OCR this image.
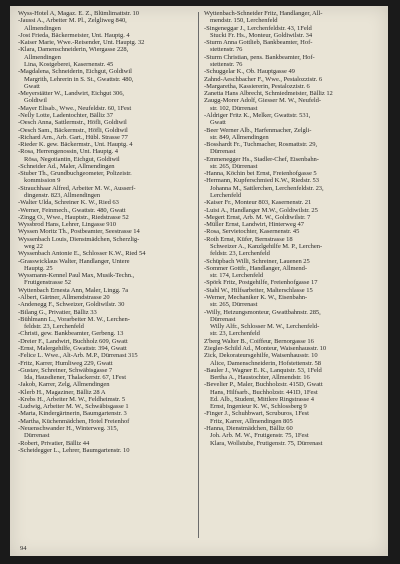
Wyss-Hotel A, Magaz. E. Z., Blümlimattstr. 10
-Jaussi A., Arbeiter M. Pl., Zelgliweg 840,
Allmendingen
-Jost Frieda, Bäckermeister, Unt. Hauptg. 4
-Kaiser Marie, Wwe.-Reisender, Unt. Hauptg. 32
-Klara, Damenschneiderin, Wiergasse 228,
Allmendingen
Lina, Kostgeberei, Kasernenstr. 45
-Magdalena, Schneiderin, Eichgut, Goldiwil
Margrith, Lehrerin in S. St., Gwattstr. 480,
Gwatt
-Meyerstätter W., Landwirt, Eichgut 306,
Goldiwil
-Mayer Elisab., Wwe., Neufeldstr. 60, 1Fest
-Nelly Lotte, Ladentochter, Bälliz 37
-Oesch Anna, Sattlermstr., Höfli, Goldiwil
-Oesch Sam., Bäckermstr., Höfli, Goldiwil
-Richard Arn., Arb. Gart., Hübl. Strasse 77
-Rieder K. gew. Bäckermstr., Unt. Hauptg. 4
-Rosa, Herrengenossin, Unt. Hauptg. 4
Rösa, Negotiantin, Eichgut, Goldiwil
-Schneider Ad., Maler, Allmendingen
-Stuber Th., Grundbuchgeometer, Polizeistr.
kommission 9
-Strauchhaar Alfred, Arbeiter M. W., Ausserf-
dingenstr. 823, Allmendingen
-Walter Ulda, Schreiner K. W., Ried 63
-Werner, Feinmech., Gwattstr. 480, Gwatt
-Zingg O., Wwe., Hauptstr., Riedstrasse 52
Wyssbrod Hans, Lehrer, Lingasse 910
Wyssen Moritz Th., Postbeamter, Seestrasse 14
Wyssenbach Louis, Dienstmädchen, Scherzlig-
weg 22
Wyssenbach Antonie E., Schlosser K.W., Ried 54
-Grasswicklaus Walter, Handlanger, Untere
Hauptg. 25
Wyssmann-Kennel Paul Max, Musik-Techn.,
Frutigenstrasse 52
Wyttenbach Ernesta Ann, Maler, Lingg. 7a
-Albert, Gärtner, Allmendstrasse 20
-Andenegg F., Schweizer, Goldiwilstr. 30
-Bilang G., Privatier, Bälliz 33
-Bühlmann L., Vorarbeiter M. W., Lerchen-
feldstr. 23, Lerchenfeld
-Christi, gew. Bankbeamter, Gerbeng. 13
-Dreier F., Landwirt, Buchholz 609, Gwatt
-Ernst, Malergehilfe, Gwattstr. 394, Gwatt
-Felice L. Wwe., Alt-Arb. M.P., Dürrenast 315
-Fritz, Karrer, Humliweg 229, Gwatt
-Gustav, Schreiner, Schwäbisgasse 7
Ida, Hausdiener, Thalackerstr. 67, 1Fest
-Jakob, Karrer, Zelg, Allmendingen
-Klerb H., Magaziner, Bälliz 28 A
-Krebs H., Arbeiter M. W., Feldheimstr. 5
-Ludwig, Arbeiter M. W., Schwäbisgasse 1
-Marta, Kindergärtnerin, Baumgartenstr. 3
-Martha, Küchenmädchen, Hotel Freienhof
-Neuenschwander H., Winterweg. 315,
Dürrenast
-Robert, Privatier, Bälliz 44
-Scheidegger L., Lehrer, Baumgartenstr. 10
Wyttenbach-Schneider Fritz, Handlanger, All-
mendstr. 150, Lerchenfeld
-Singeneggar J., Lerchenfeldstr. 43, 1Feld
Stucki Fr. Hs., Monteur, Goldiwilstr. 34
-Sturm Anna Gottlieb, Bankbeamter, Hof-
stettenstr. 76
-Sturm Christian, pens. Bankbeamter, Hof-
stettenstr. 76
-Schuggelar K., Ob. Hauptgasse 49
Zahnd-Aeschbacher F., Wwe., Pestalozzistr. 6
-Margaretha, Kassiererin, Pestalozzistr. 6
Zanetta Hans Albrecht, Schmiedmeister, Bälliz 12
Zaugg-Morer Adolf, Giesser M. W., Neufeld-
str. 102, Dürrenast
-Aldriger Fritz K., Melker, Gwattstr. 531,
Gwatt
-Beer Werner Alb., Harfenmacher, Zelgli-
str. 849, Allmendingen
-Bosshardt Fr., Tuchmacher, Rosmattstr. 29,
Dürrenast
-Emmenegger Hs., Stadler-Chef, Eisenbahn-
str. 265, Dürrenast
-Hanna, Köchin bei Ernst, Freienhofgasse 5
-Hermann, Kupferschmied K.W., Riedstr. 53
Johanna M., Sattlerchen, Lerchenfeldstr. 23,
Lerchenfeld
-Kaiser Fr., Monteur 803, Kasernenstr. 21
-Luisi A., Handlanger M.W., Goldiwilstr. 25
-Megert Ernst, Arb. M. W., Goldiwilstr. 7
-Müller Ernst, Landwirt, Hinterweg 47
-Rosa, Servietochter, Kasernenstr. 45
-Roth Ernst, Küfer, Bernstrasse 18
Schweizer A., Kanzlgehilfe M. P., Lerchen-
feldstr. 23, Lerchenfeld
-Schüpbach Willi, Schreiner, Lauenen 25
-Sommer Gottfr., Handlanger, Allmend-
str. 174, Lerchenfeld
-Spörk Fritz, Postgehilfe, Freienhofgasse 17
-Stahl W., Hilfsarbeiter, Malterschlasse 15
-Werner, Mechaniker K. W., Eisenbahn-
str. 265, Dürrenast
-Willy, Heizungsmonteur, Gwattbahnstr. 285,
Dürrenast
Willy Alfr., Schlosser M. W., Lerchenfeld-
str. 23, Lerchenfeld
Z'berg Walter B., Coiffeur, Bernorgasse 16
Ziegler-Schild Ad., Monteur, Waisenhausstr. 10
Zick, Dekorateursgehilfe, Waisenhausstr. 10
Alice, Damenschneiderin, Hofstettenstr. 58
-Bauler J., Wagner E. K., Lanquistr. 53, 1Feld
Bertha A., Haustochter, Allmendstr. 16
-Bevelier P., Maler, Buchholzstr. 415D, Gwatt
Hans, Hilfsarb., Buchholzstr. 441D, 1Fest
Ed. Alb., Student, Mittlere Ringstrasse 4
Ernst, Ingenieur K. W., Schlossberg 9
-Finger J., Schuhbwart, Scruburos, 1Fest
Fritz, Karrer, Allmendingen 805
-Hanna, Dienstmädchen, Bälliz 60
Joh. Arb. M. W., Frutigenstr. 75, 1Fest
Klara, Wollstube, Frutigenstr. 75, Dürrenast
94
